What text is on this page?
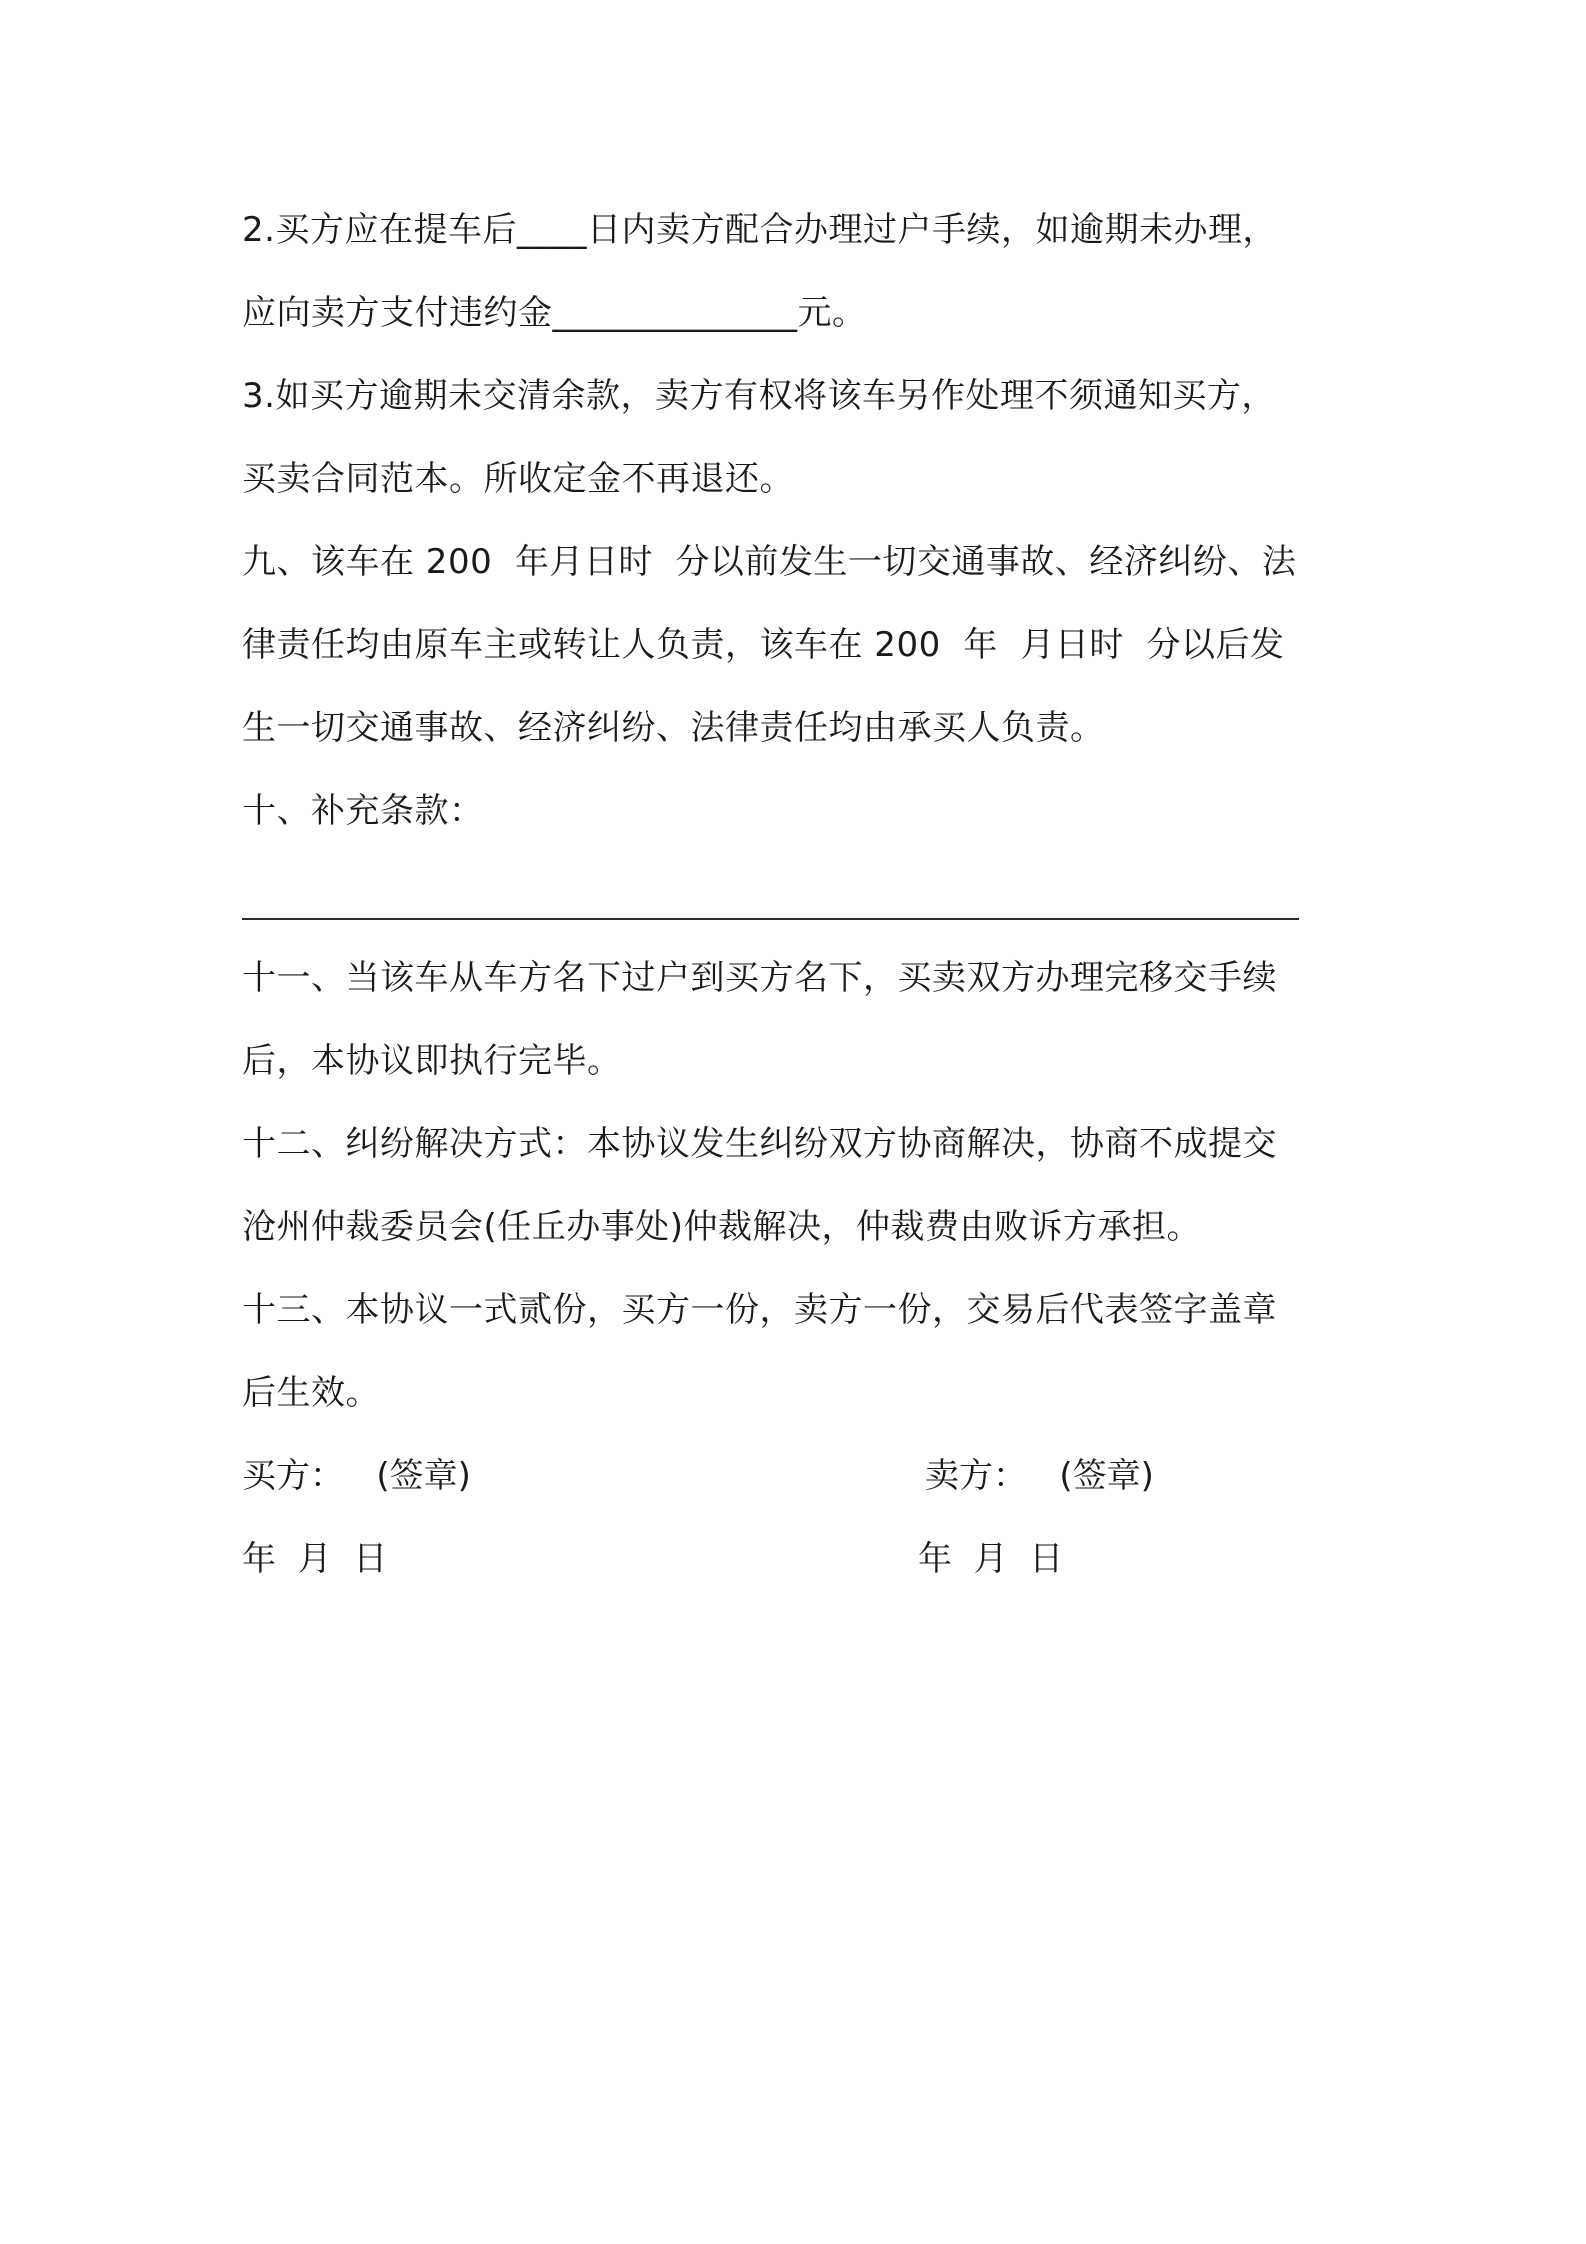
2.买方应在提车后____日内卖方配合办理过户手续，如逾期未办理，
应向卖方支付违约金______________元。
3.如买方逾期未交清余款，卖方有权将该车另作处理不须通知买方，
买卖合同范本。所收定金不再退还。
九、该车在 200  年月日时  分以前发生一切交通事故、经济纠纷、法
律责任均由原车主或转让人负责，该车在 200  年  月日时  分以后发
生一切交通事故、经济纠纷、法律责任均由承买人负责。
十、补充条款：
十一、当该车从车方名下过户到买方名下，买卖双方办理完移交手续
后，本协议即执行完毕。
十二、纠纷解决方式：本协议发生纠纷双方协商解决，协商不成提交
沧州仲裁委员会(任丘办事处)仲裁解决，仲裁费由败诉方承担。
十三、本协议一式贰份，买方一份，卖方一份，交易后代表签字盖章
后生效。
买方：   (签章)	卖方：   (签章)
年  月  日	年  月  日
